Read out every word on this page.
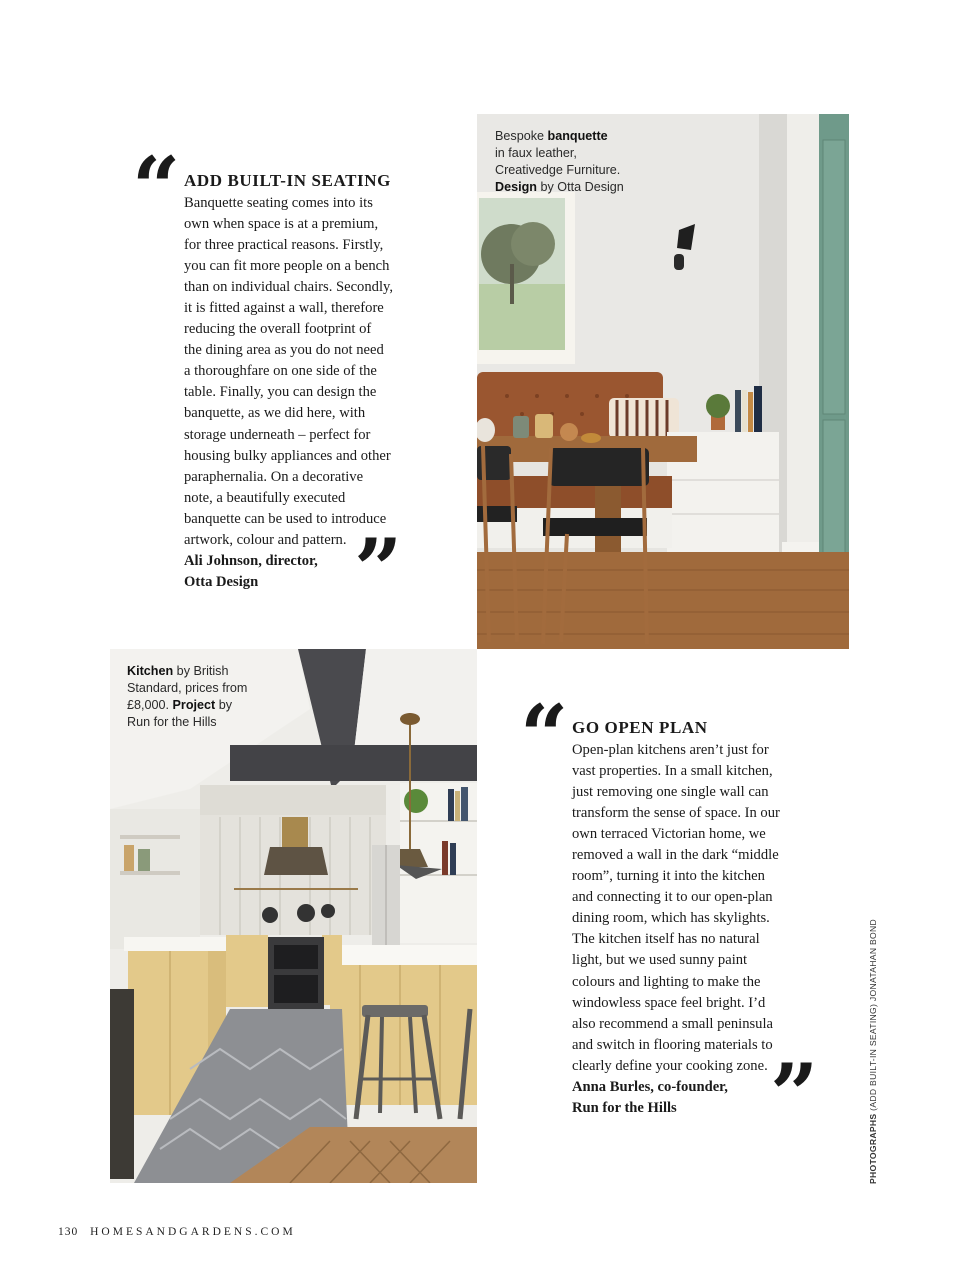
“ ADD BUILT-IN SEATING
Banquette seating comes into its
own when space is at a premium,
for three practical reasons. Firstly,
you can fit more people on a bench
than on individual chairs. Secondly,
it is fitted against a wall, therefore
reducing the overall footprint of
the dining area as you do not need
a thoroughfare on one side of the
table. Finally, you can design the
banquette, as we did here, with
storage underneath – perfect for
housing bulky appliances and other
paraphernalia. On a decorative
note, a beautifully executed
banquette can be used to introduce
artwork, colour and pattern.
Ali Johnson, director,
Otta Design	”
Bespoke banquette
in faux leather,
Creativedge Furniture.
Design by Otta Design
Kitchen by British
Standard, prices from
£8,000. Project by
Run for the Hills	“ GO OPEN PLAN
Open-plan kitchens aren’t just for
vast properties. In a small kitchen,
just removing one single wall can
transform the sense of space. In our
own terraced Victorian home, we
removed a wall in the dark “middle
room”, turning it into the kitchen
and connecting it to our open-plan
dining room, which has skylights.
The kitchen itself has no natural
light, but we used sunny paint
colours and lighting to make the
windowless space feel bright. I’d
also recommend a small peninsula
and switch in flooring materials to
clearly define your cooking zone.
Anna Burles, co-founder,
Run for the Hills	”
130 HOMESANDGARDENS.COM
PHOTOGRAPHS (ADD BUILT-IN SEATING) JONATAHAN BOND
